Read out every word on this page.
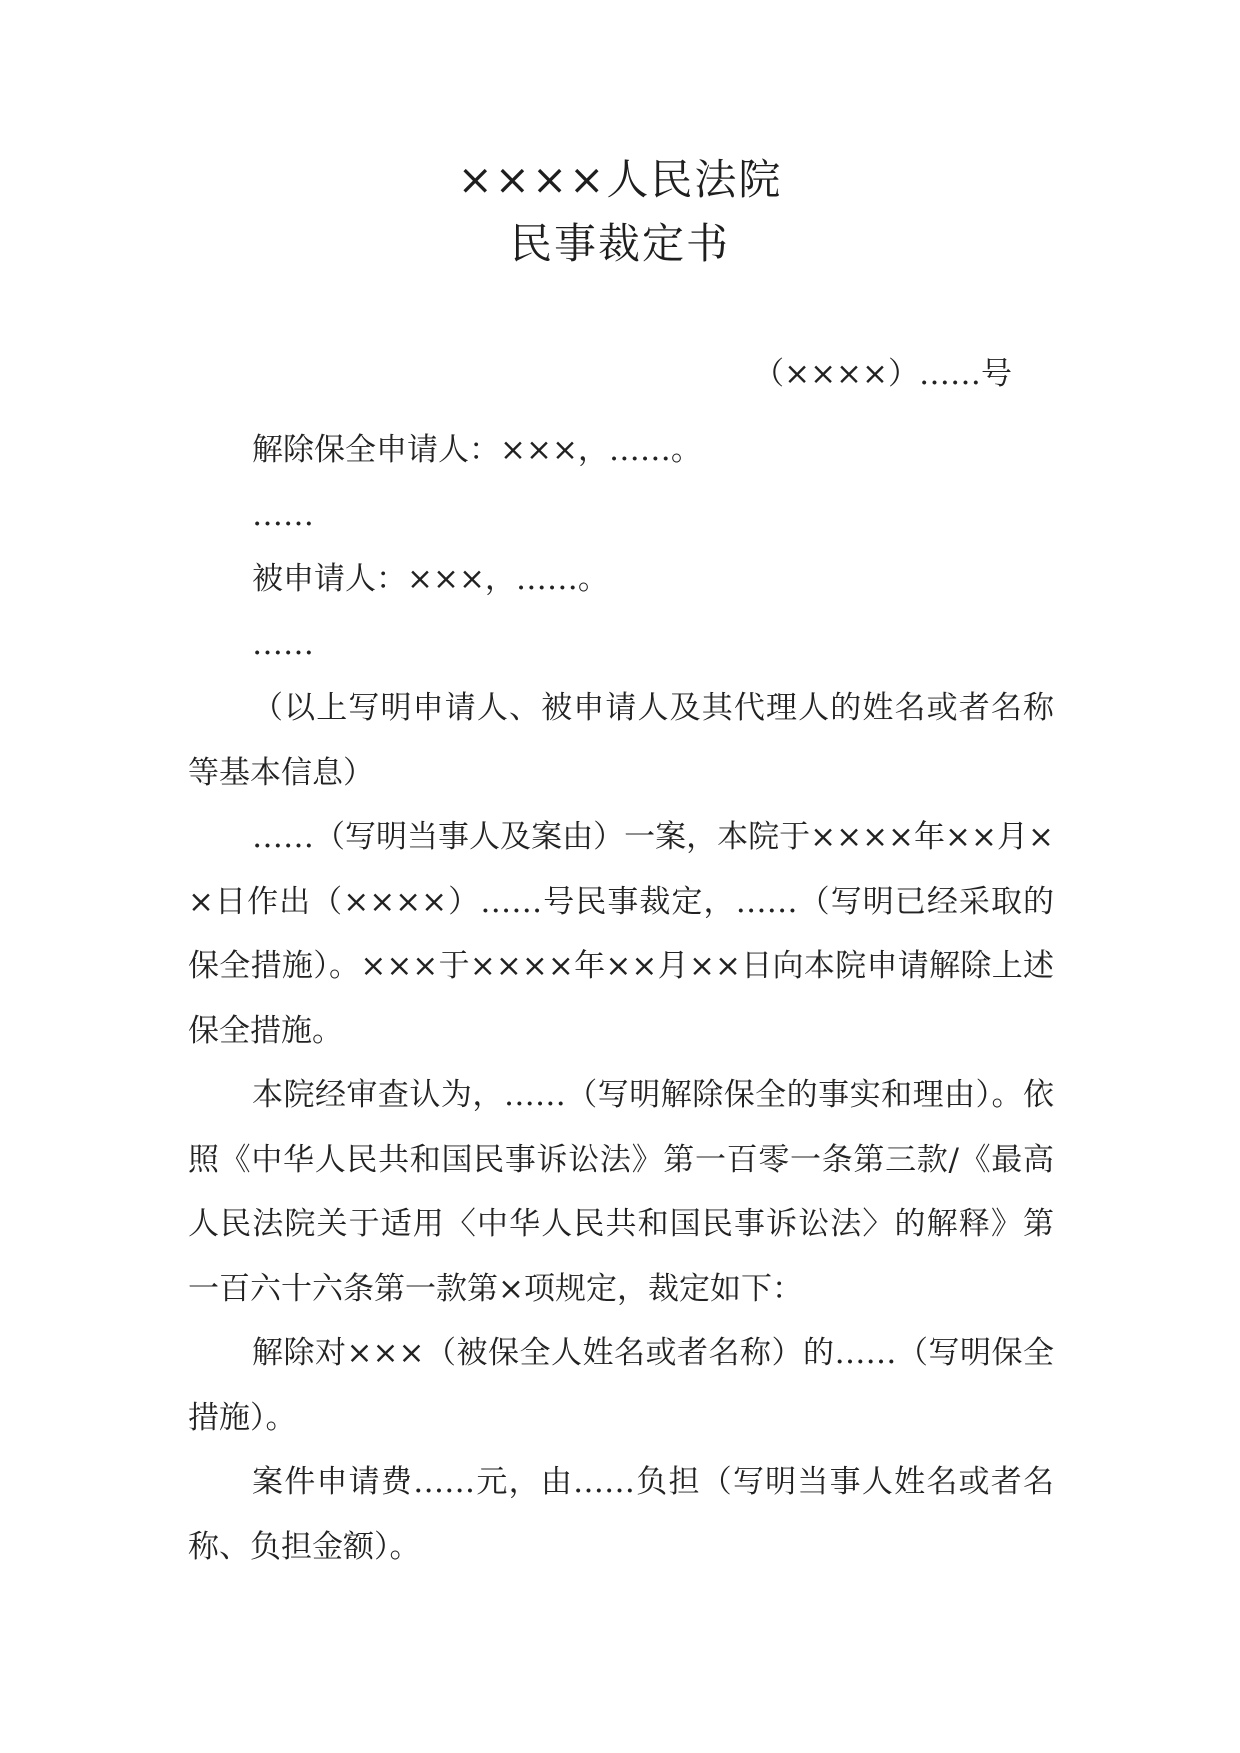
××××人民法院
民事裁定书
（××××）……号

解除保全申请人：×××，……。

……

被申请人：×××，……。

……

（以上写明申请人、被申请人及其代理人的姓名或者名称等基本信息）

……（写明当事人及案由）一案，本院于××××年××月××日作出（××××）……号民事裁定，……（写明已经采取的保全措施）。×××于××××年××月××日向本院申请解除上述保全措施。

本院经审查认为，……（写明解除保全的事实和理由）。依照《中华人民共和国民事诉讼法》第一百零一条第三款/《最高人民法院关于适用〈中华人民共和国民事诉讼法〉的解释》第一百六十六条第一款第×项规定，裁定如下：

解除对×××（被保全人姓名或者名称）的……（写明保全措施）。

案件申请费……元，由……负担（写明当事人姓名或者名称、负担金额）。
